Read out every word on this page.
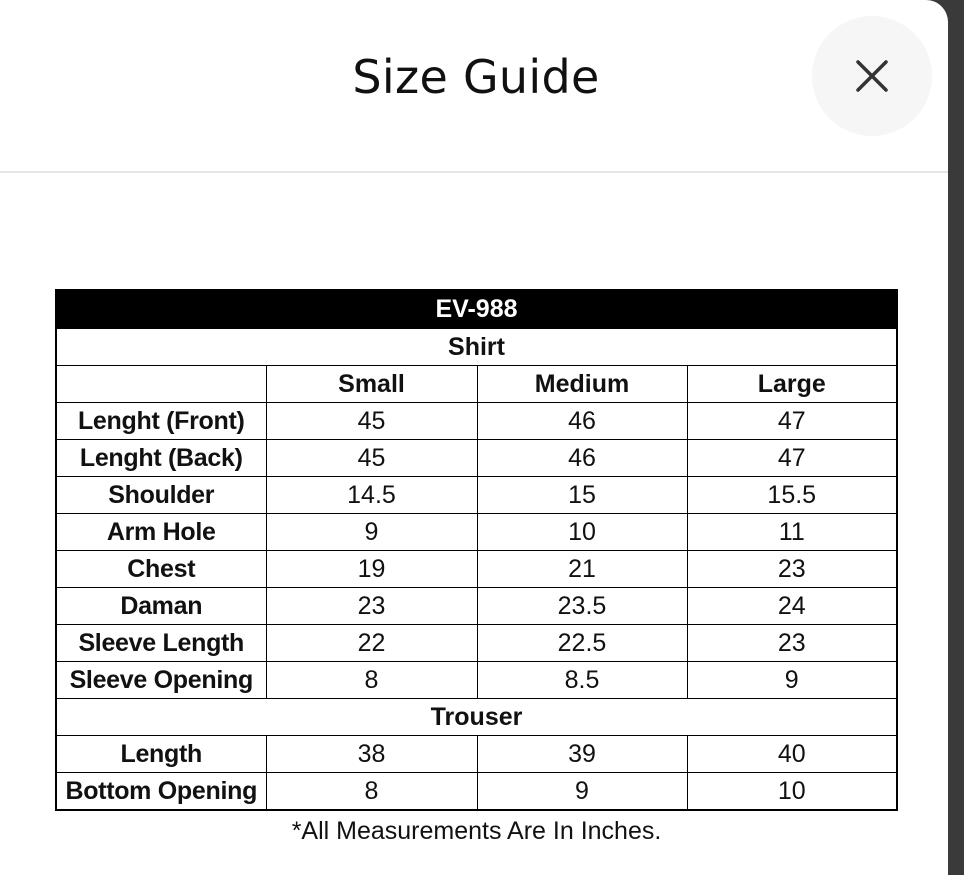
Size Guide
EV-988			
Shirt			
	Small	Medium	Large
Lenght (Front)	45	46	47
Lenght (Back)	45	46	47
Shoulder	14.5	15	15.5
Arm Hole	9	10	11
Chest	19	21	23
Daman	23	23.5	24
Sleeve Length	22	22.5	23
Sleeve Opening	8	8.5	9
Trouser			
Length	38	39	40
Bottom Opening	8	9	10
*All Measurements Are In Inches.
